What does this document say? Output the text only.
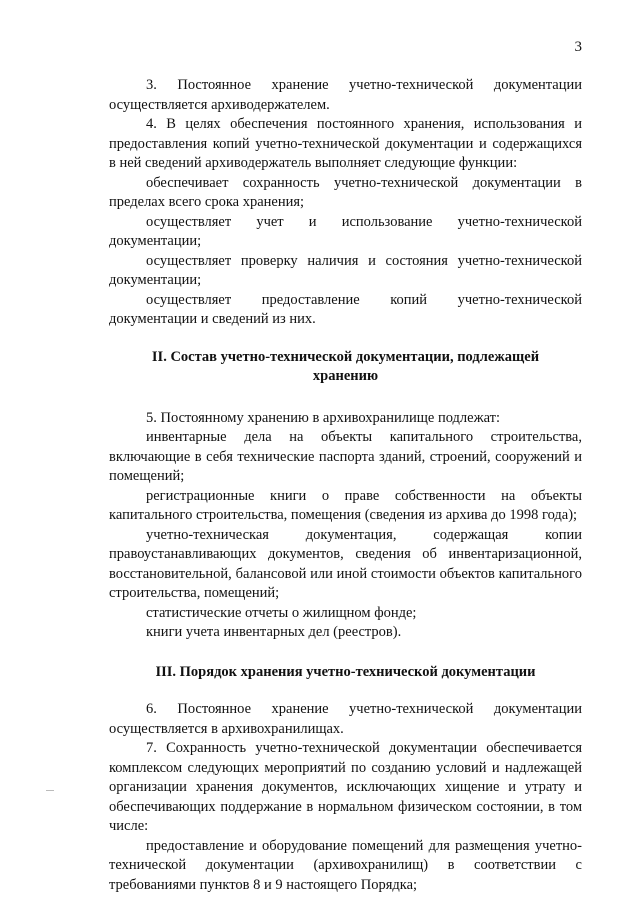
3

3. Постоянное хранение учетно-технической документации осуществляется архиводержателем.

4. В целях обеспечения постоянного хранения, использования и предоставления копий учетно-технической документации и содержащихся в ней сведений архиводержатель выполняет следующие функции:

обеспечивает сохранность учетно-технической документации в пределах всего срока хранения;

осуществляет учет и использование учетно-технической документации;

осуществляет проверку наличия и состояния учетно-технической документации;

осуществляет предоставление копий учетно-технической документации и сведений из них.

II. Состав учетно-технической документации, подлежащей хранению

5. Постоянному хранению в архивохранилище подлежат:

инвентарные дела на объекты капитального строительства, включающие в себя технические паспорта зданий, строений, сооружений и помещений;

регистрационные книги о праве собственности на объекты капитального строительства, помещения (сведения из архива до 1998 года);

учетно-техническая документация, содержащая копии правоустанавливающих документов, сведения об инвентаризационной, восстановительной, балансовой или иной стоимости объектов капитального строительства, помещений;

статистические отчеты о жилищном фонде;

книги учета инвентарных дел (реестров).

III. Порядок хранения учетно-технической документации

6. Постоянное хранение учетно-технической документации осуществляется в архивохранилищах.

7. Сохранность учетно-технической документации обеспечивается комплексом следующих мероприятий по созданию условий и надлежащей организации хранения документов, исключающих хищение и утрату и обеспечивающих поддержание в нормальном физическом состоянии, в том числе:

предоставление и оборудование помещений для размещения учетно-технической документации (архивохранилищ) в соответствии с требованиями пунктов 8 и 9 настоящего Порядка;
